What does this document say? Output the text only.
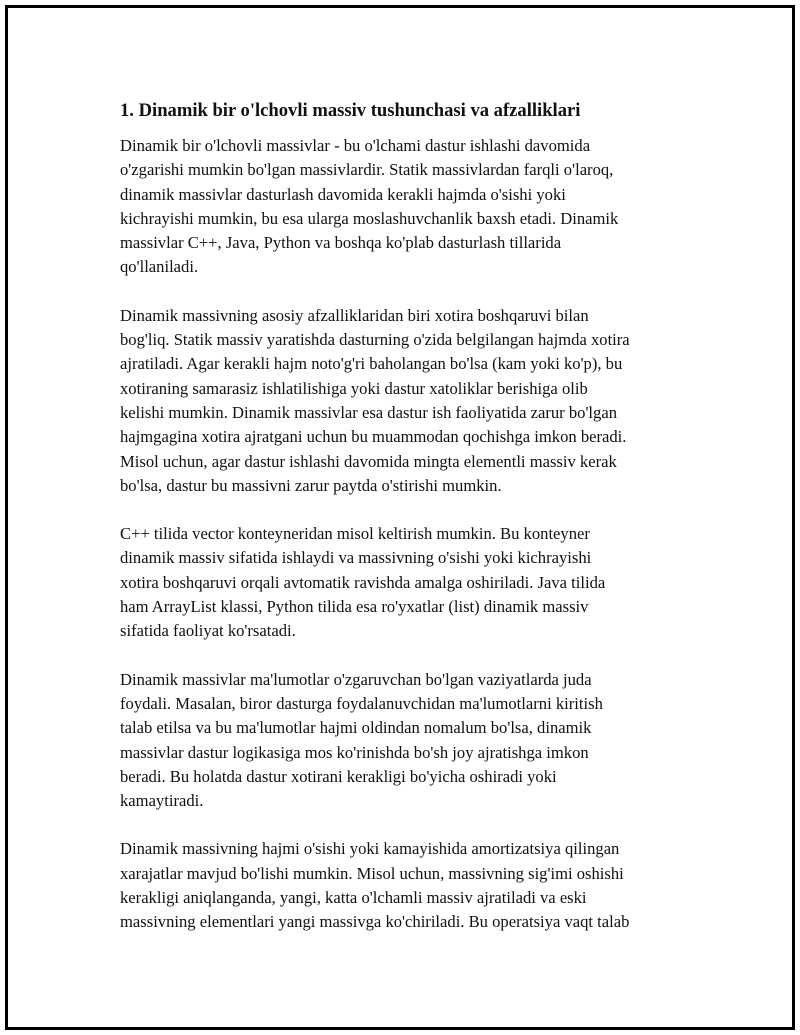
1. Dinamik bir o'lchovli massiv tushunchasi va afzalliklari

Dinamik bir o'lchovli massivlar - bu o'lchami dastur ishlashi davomida
o'zgarishi mumkin bo'lgan massivlardir. Statik massivlardan farqli o'laroq,
dinamik massivlar dasturlash davomida kerakli hajmda o'sishi yoki
kichrayishi mumkin, bu esa ularga moslashuvchanlik baxsh etadi. Dinamik
massivlar C++, Java, Python va boshqa ko'plab dasturlash tillarida
qo'llaniladi.

Dinamik massivning asosiy afzalliklaridan biri xotira boshqaruvi bilan
bog'liq. Statik massiv yaratishda dasturning o'zida belgilangan hajmda xotira
ajratiladi. Agar kerakli hajm noto'g'ri baholangan bo'lsa (kam yoki ko'p), bu
xotiraning samarasiz ishlatilishiga yoki dastur xatoliklar berishiga olib
kelishi mumkin. Dinamik massivlar esa dastur ish faoliyatida zarur bo'lgan
hajmgagina xotira ajratgani uchun bu muammodan qochishga imkon beradi.
Misol uchun, agar dastur ishlashi davomida mingta elementli massiv kerak
bo'lsa, dastur bu massivni zarur paytda o'stirishi mumkin.

C++ tilida vector konteyneridan misol keltirish mumkin. Bu konteyner
dinamik massiv sifatida ishlaydi va massivning o'sishi yoki kichrayishi
xotira boshqaruvi orqali avtomatik ravishda amalga oshiriladi. Java tilida
ham ArrayList klassi, Python tilida esa ro'yxatlar (list) dinamik massiv
sifatida faoliyat ko'rsatadi.

Dinamik massivlar ma'lumotlar o'zgaruvchan bo'lgan vaziyatlarda juda
foydali. Masalan, biror dasturga foydalanuvchidan ma'lumotlarni kiritish
talab etilsa va bu ma'lumotlar hajmi oldindan nomalum bo'lsa, dinamik
massivlar dastur logikasiga mos ko'rinishda bo'sh joy ajratishga imkon
beradi. Bu holatda dastur xotirani kerakligi bo'yicha oshiradi yoki
kamaytiradi.

Dinamik massivning hajmi o'sishi yoki kamayishida amortizatsiya qilingan
xarajatlar mavjud bo'lishi mumkin. Misol uchun, massivning sig'imi oshishi
kerakligi aniqlanganda, yangi, katta o'lchamli massiv ajratiladi va eski
massivning elementlari yangi massivga ko'chiriladi. Bu operatsiya vaqt talab
